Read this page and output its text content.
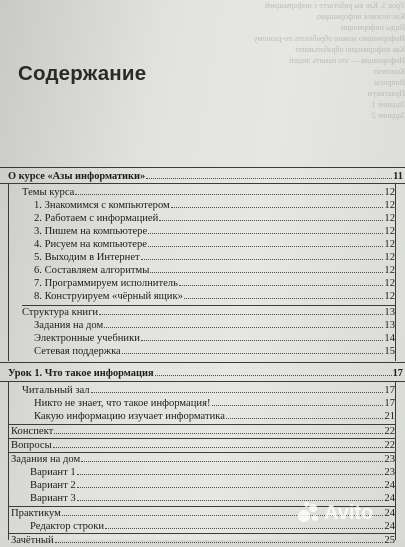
Урок 5. Как вы работаете с информацией
Как человек информацию
Виды информации
Информацию можно обработать по-разному
Как информацию обрабатывают
Информация — это память людей
Конспект
Вопросы
Практикум
Задание 1
Задание 2
Содержание
О курсе «Азы информатики»	11
Темы курса	12
1. Знакомимся с компьютером	12
2. Работаем с информацией	12
3. Пишем на компьютере	12
4. Рисуем на компьютере	12
5. Выходим в Интернет	12
6. Составляем алгоритмы	12
7. Программируем исполнитель	12
8. Конструируем «чёрный ящик»	12
Структура книги	13
Задания на дом	13
Электронные учебники	14
Сетевая поддержка	15
Урок 1. Что такое информация	17
Читальный зал	17
Никто не знает, что такое информация!	17
Какую информацию изучает информатика	21
Конспект	22
Вопросы	22
Задания на дом	23
Вариант 1	23
Вариант 2	24
Вариант 3	24
Практикум	24
Редактор строки	24
Зачётный	25
Avito
